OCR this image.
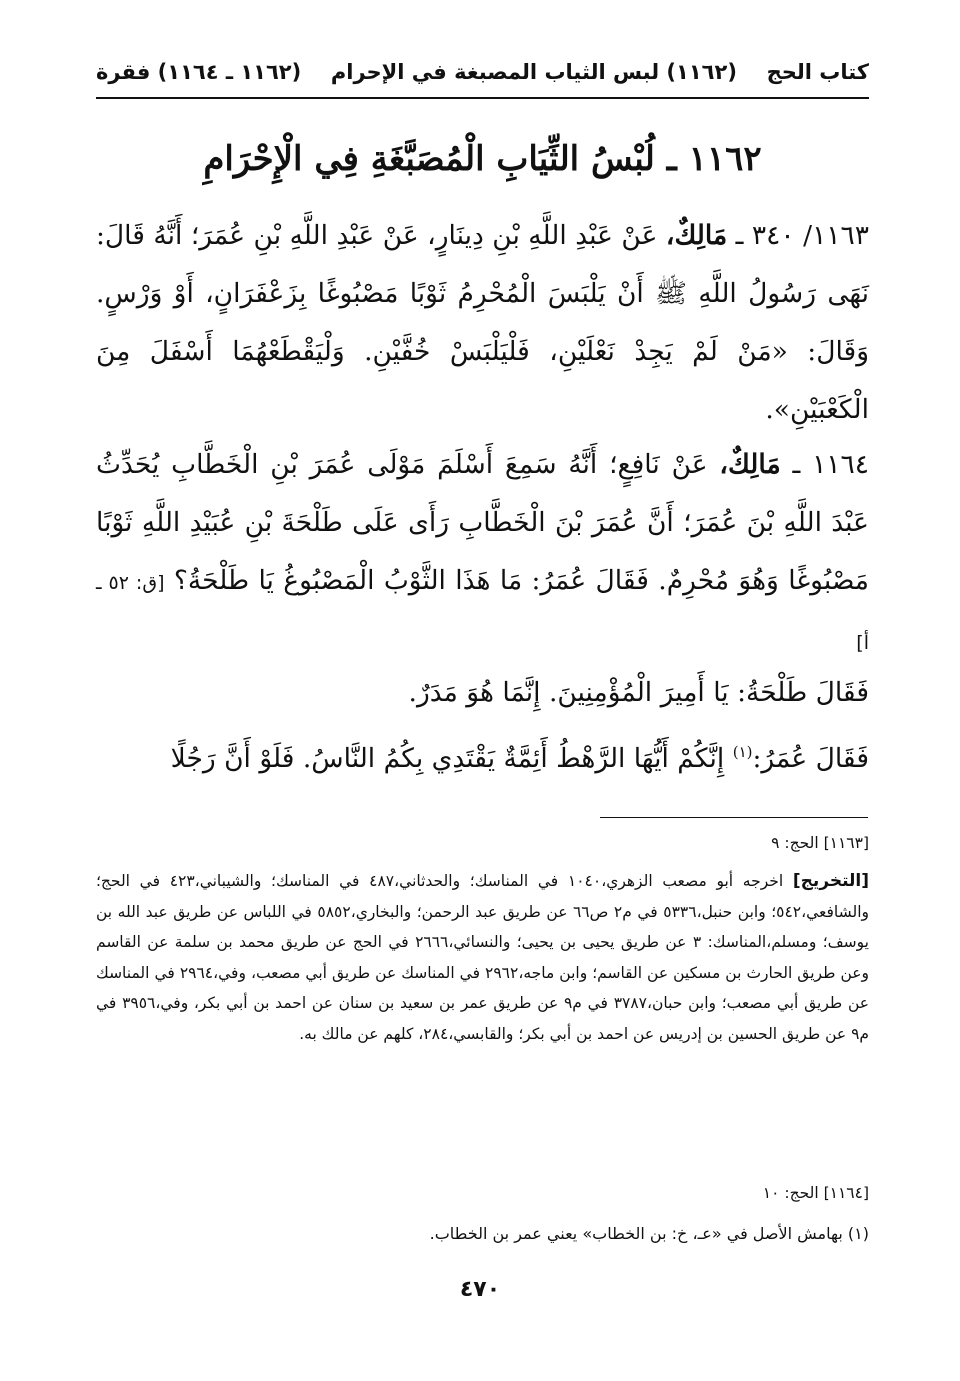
كتاب الحج
(١١٦٢) لبس الثياب المصبغة في الإحرام
(١١٦٢ ـ ١١٦٤) فقرة
١١٦٢ ـ لُبْسُ الثِّيَابِ الْمُصَبَّغَةِ فِي الْإِحْرَامِ
١١٦٣/ ٣٤٠ ـ مَالِكٌ، عَنْ عَبْدِ اللَّهِ بْنِ دِينَارٍ، عَنْ عَبْدِ اللَّهِ بْنِ عُمَرَ؛ أَنَّهُ قَالَ: نَهَى رَسُولُ اللَّهِ ﷺ أَنْ يَلْبَسَ الْمُحْرِمُ ثَوْبًا مَصْبُوغًا بِزَعْفَرَانٍ، أَوْ وَرْسٍ. وَقَالَ: «مَنْ لَمْ يَجِدْ نَعْلَيْنِ، فَلْيَلْبَسْ خُفَّيْنِ. وَلْيَقْطَعْهُمَا أَسْفَلَ مِنَ الْكَعْبَيْنِ».
١١٦٤ ـ مَالِكٌ، عَنْ نَافِعٍ؛ أَنَّهُ سَمِعَ أَسْلَمَ مَوْلَى عُمَرَ بْنِ الْخَطَّابِ يُحَدِّثُ عَبْدَ اللَّهِ بْنَ عُمَرَ؛ أَنَّ عُمَرَ بْنَ الْخَطَّابِ رَأَى عَلَى طَلْحَةَ بْنِ عُبَيْدِ اللَّهِ ثَوْبًا مَصْبُوغًا وَهُوَ مُحْرِمٌ. فَقَالَ عُمَرُ: مَا هَذَا الثَّوْبُ الْمَصْبُوغُ يَا طَلْحَةُ؟ [ق: ٥٢ ـ أ]
فَقَالَ طَلْحَةُ: يَا أَمِيرَ الْمُؤْمِنِينَ. إِنَّمَا هُوَ مَدَرٌ.
فَقَالَ عُمَرُ:$^{(١)}$ إِنَّكُمْ أَيُّهَا الرَّهْطُ أَئِمَّةٌ يَقْتَدِي بِكُمُ النَّاسُ. فَلَوْ أَنَّ رَجُلًا
[١١٦٣] الحج: ٩
[التخريج] اخرجه أبو مصعب الزهري،١٠٤٠ في المناسك؛ والحدثاني،٤٨٧ في المناسك؛ والشيباني،٤٢٣ في الحج؛ والشافعي،٥٤٢؛ وابن حنبل،٥٣٣٦ في م٢ ص٦٦ عن طريق عبد الرحمن؛ والبخاري،٥٨٥٢ في اللباس عن طريق عبد الله بن يوسف؛ ومسلم،المناسك: ٣ عن طريق يحيى بن يحيى؛ والنسائي،٢٦٦٦ في الحج عن طريق محمد بن سلمة عن القاسم وعن طريق الحارث بن مسكين عن القاسم؛ وابن ماجه،٢٩٦٢ في المناسك عن طريق أبي مصعب، وفي،٢٩٦٤ في المناسك عن طريق أبي مصعب؛ وابن حبان،٣٧٨٧ في م٩ عن طريق عمر بن سعيد بن سنان عن احمد بن أبي بكر، وفي،٣٩٥٦ في م٩ عن طريق الحسين بن إدريس عن احمد بن أبي بكر؛ والقابسي،٢٨٤، كلهم عن مالك به.
[١١٦٤] الحج: ١٠
(١) بهامش الأصل في «عـ، خ: بن الخطاب» يعني عمر بن الخطاب.
٤٧٠
